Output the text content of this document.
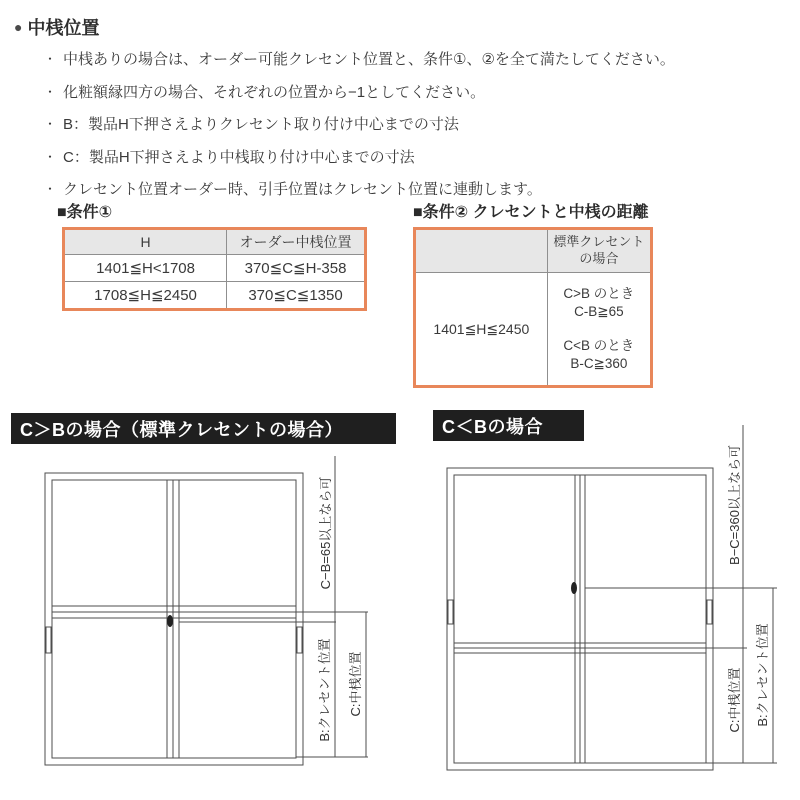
● 中桟位置
・ 中桟ありの場合は、オーダー可能クレセント位置と、条件①、②を全て満たしてください。
・ 化粧額縁四方の場合、それぞれの位置から−1としてください。
・ B：製品H下押さえよりクレセント取り付け中心までの寸法
・ C：製品H下押さえより中桟取り付け中心までの寸法
・ クレセント位置オーダー時、引手位置はクレセント位置に連動します。
■条件①
H	オーダー中桟位置
1401≦H<1708	370≦C≦H-358
1708≦H≦2450	370≦C≦1350
■条件② クレセントと中桟の距離

	標準クレセント
の場合

1401≦H≦2450	C>B のとき
C-B≧65
C<B のとき
B-C≧360
C＞Bの場合（標準クレセントの場合）	C＜Bの場合
C−B=65以上なら可
B:クレセント位置 C:中桟位置
B−C=360以上なら可
C:中桟位置 B:クレセント位置
